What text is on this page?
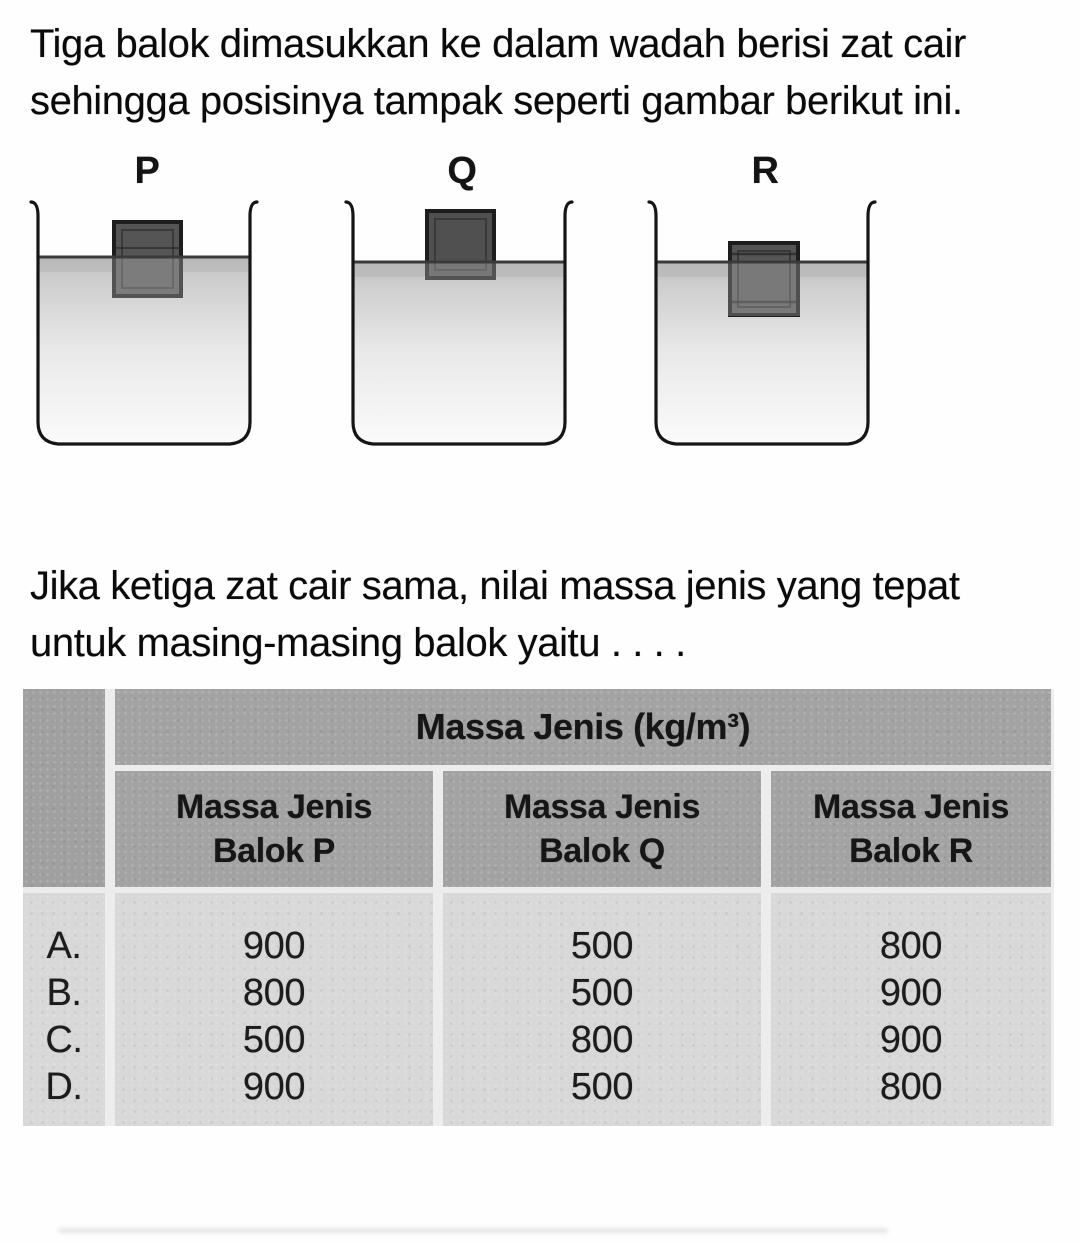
Tiga balok dimasukkan ke dalam wadah berisi zat cair sehingga posisinya tampak seperti gambar berikut ini.
P	Q	R
Jika ketiga zat cair sama, nilai massa jenis yang tepat untuk masing-masing balok yaitu . . . .
Massa Jenis (kg/m³)
Massa Jenis
Balok P
Massa Jenis
Balok Q
Massa Jenis
Balok R
A.
B.
C.
D.
900
800
500
900
500
500
800
500
800
900
900
800
